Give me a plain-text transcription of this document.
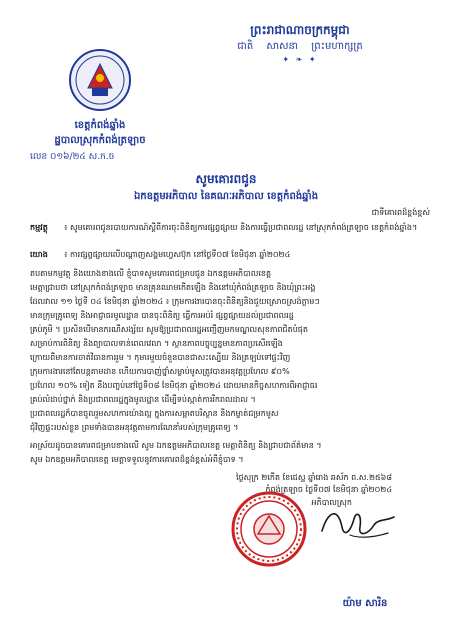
ព្រះរាជាណាចក្រកម្ពុជា
ជាតិ សាសនា ព្រះមហាក្សត្រ
✦ ❧ ✦
ខេត្តកំពង់ឆ្នាំង
ដ្ឋបាលស្រុកកំពង់ត្រឡាច
លេខ ០១៦/២៤ ស.ក.ច
សូមគោរពជូន
ឯកឧត្តមអភិបាល នៃគណៈអភិបាល ខេត្តកំពង់ឆ្នាំង
ជាទីគោរពដ៏ខ្ពង់ខ្ពស់
កម្មវត្ថុ	៖ សូមគោរពជូនរបាយការណ៍ស្ដីពីការចុះពិនិត្យការផ្សព្វផ្សាយ និងការធ្វើប្រជាពលរដ្ឋ នៅស្រុកកំពង់ត្រឡាច ខេត្តកំពង់ឆ្នាំង។
យោង	៖ ការផ្សព្វផ្សាយលើបណ្ដាញសង្គមហ្វេសប៊ុក នៅថ្ងៃទី០៧ ខែមិថុនា ឆ្នាំ២០២៤
តបតាមកម្មវត្ថុ និងយោងខាងលើ ខ្ញុំបាទសូមគោរពជម្រាបជូន ឯកឧត្តមអភិបាលខេត្ត
មេត្តាជ្រាបថា នៅស្រុកកំពង់ត្រឡាច មានគ្រុនឈាមកើតឡើង និងនៅឃុំកំពង់ត្រឡាច និងឃុំព្រះអង្គ
ដែលវាល ១១ ថ្ងៃទី ០៤ ខែមិថុនា ឆ្នាំ២០២៤ ៖ ក្រុមការងារបានចុះពិនិត្យនិងជួយស្រោចស្រង់ភ្លាមៗ
មានក្រុមគ្រូពេទ្យ និងអាជ្ញាធរមូលដ្ឋាន បានចុះពិនិត្យ ធ្វើការអប់រំ ផ្សព្វផ្សាយដល់ប្រជាពលរដ្ឋ
គ្រប់ភូមិ ។ ប្រសិនបើមានករណីសង្ស័យ សូមឱ្យប្រជាពលរដ្ឋអញ្ជើញមកមណ្ឌលសុខភាពជិតបំផុត
សម្រាប់ការពិនិត្យ និងព្យាបាលទាន់ពេលវេលា ។ ស្ថានភាពបច្ចុប្បន្នមានភាពប្រសើរឡើង
ក្រោយពីមានការចាត់វិធានការរួម ។ កុមារមួយចំនួនបានជាសះស្បើយ និងត្រឡប់ទៅផ្ទះវិញ
ក្រុមការងារនៅតែបន្តតាមដាន ហើយការបាញ់ថ្នាំសម្លាប់មូសត្រូវបានអនុវត្តប្រហែល ៩០%
ប្រហែល ១០% ទៀត នឹងបញ្ចប់នៅថ្ងៃទី០៨ ខែមិថុនា ឆ្នាំ២០២៤ ដោយមានកិច្ចសហការពីអាជ្ញាធរ
គ្រប់លំដាប់ថ្នាក់ និងប្រជាពលរដ្ឋក្នុងមូលដ្ឋាន ដើម្បីទប់ស្កាត់ការរីករាលដាល ។
ប្រជាពលរដ្ឋក៏បានចូលរួមសហការយ៉ាងល្អ ក្នុងការសម្អាតបរិស្ថាន និងកម្ចាត់ជម្រកមូស
ជុំវិញផ្ទះរបស់ខ្លួន ព្រមទាំងបានអនុវត្តតាមការណែនាំរបស់ក្រុមគ្រូពេទ្យ ។
អាស្រ័យដូចបានគោរពជម្រាបខាងលើ សូម ឯកឧត្តមអភិបាលខេត្ត មេត្តាពិនិត្យ និងជ្រាបជាព័ត៌មាន ។
សូម ឯកឧត្តមអភិបាលខេត្ត មេត្តាទទួលនូវការគោរពដ៏ខ្ពង់ខ្ពស់អំពីខ្ញុំបាទ ។
ថ្ងៃសុក្រ ២កើត ខែជេស្ឋ ឆ្នាំរោង ឆស័ក ព.ស.២៥៦៨
កំពង់ត្រឡាច ថ្ងៃទី០៧ ខែមិថុនា ឆ្នាំ២០២៤
អភិបាលស្រុក
យ៉ាម សារិន
